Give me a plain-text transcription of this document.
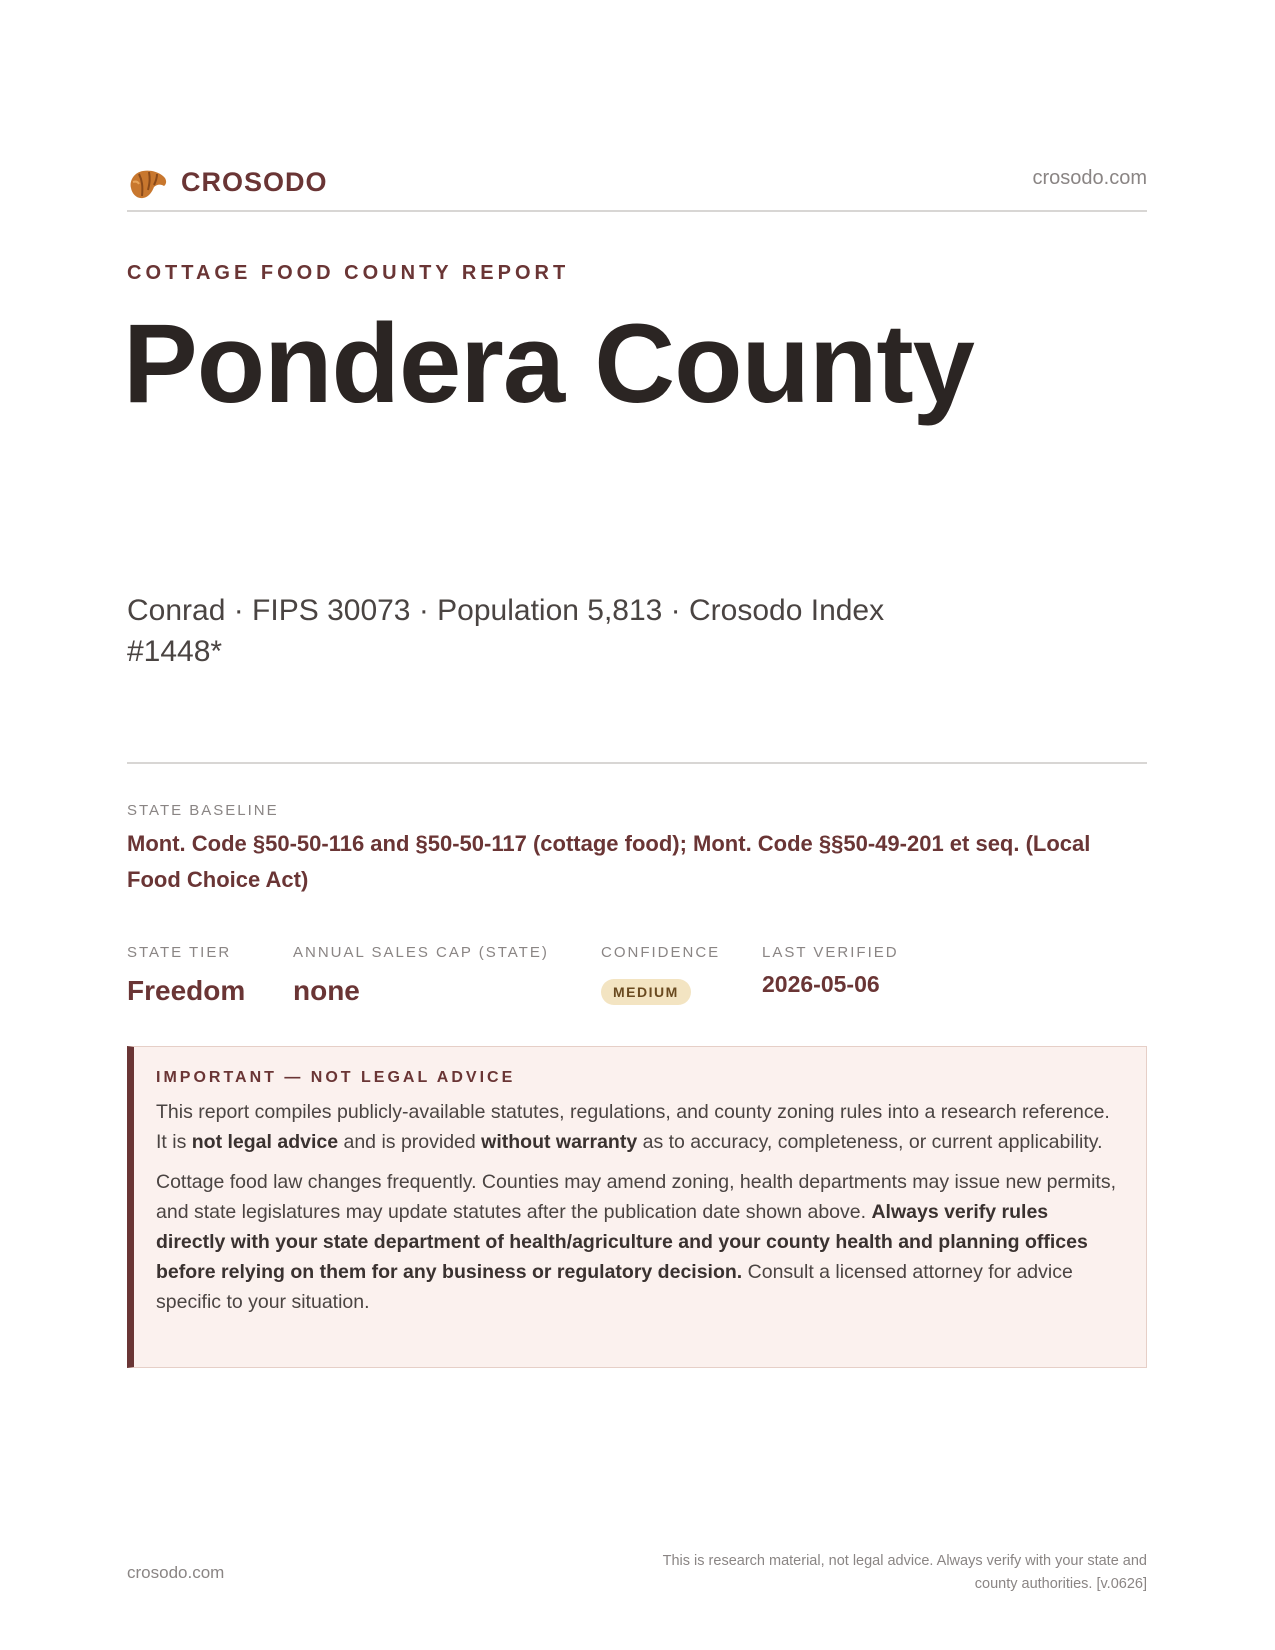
CROSODO	crosodo.com
COTTAGE FOOD COUNTY REPORT
Pondera County
Conrad · FIPS 30073 · Population 5,813 · Crosodo Index #1448*
STATE BASELINE
Mont. Code §50-50-116 and §50-50-117 (cottage food); Mont. Code §§50-49-201 et seq. (Local Food Choice Act)
STATE TIER
Freedom
ANNUAL SALES CAP (STATE)
none
CONFIDENCE
MEDIUM
LAST VERIFIED
2026-05-06
IMPORTANT — NOT LEGAL ADVICE

This report compiles publicly-available statutes, regulations, and county zoning rules into a research reference. It is not legal advice and is provided without warranty as to accuracy, completeness, or current applicability.

Cottage food law changes frequently. Counties may amend zoning, health departments may issue new permits, and state legislatures may update statutes after the publication date shown above. Always verify rules directly with your state department of health/agriculture and your county health and planning offices before relying on them for any business or regulatory decision. Consult a licensed attorney for advice specific to your situation.

crosodo.com
This is research material, not legal advice. Always verify with your state and county authorities. [v.0626]
